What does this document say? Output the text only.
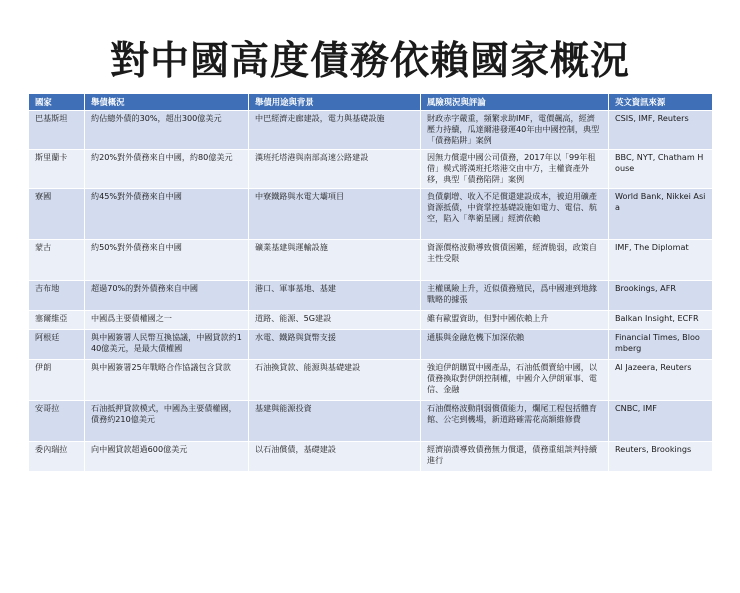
對中國高度債務依賴國家概況
國家	舉債概況	舉債用途與背景	風險現況與評論	英文資訊來源
巴基斯坦	約佔總外債的30%，超出300億美元	中巴經濟走廊建設，電力與基礎設施	財政赤字嚴重，頻繁求助IMF，電價飆高，經濟壓力持續，瓜達爾港發運40年由中國控制，典型「債務陷阱」案例	CSIS, IMF, Reuters
斯里蘭卡	約20%對外債務來自中國，約80億美元	漢班托塔港與南部高速公路建設	因無力償還中國公司債務，2017年以「99年租借」模式將漢班托塔港交由中方，主權資產外移，典型「債務陷阱」案例	BBC, NYT, Chatham House
寮國	約45%對外債務來自中國	中寮鐵路與水電大壩項目	負債劇增、收入不足償還建設成本，被迫用礦產資源抵債，中資掌控基礎設施如電力、電信、航空，陷入「準衛星國」經濟依賴	World Bank, Nikkei Asia
蒙古	約50%對外債務來自中國	礦業基建與運輸設施	資源價格波動導致償債困難，經濟脆弱，政策自主性受限	IMF, The Diplomat
吉布地	超過70%的對外債務來自中國	港口、軍事基地、基建	主權風險上升，近似債務殖民，爲中國連到地緣戰略的據張	Brookings, AFR
塞爾維亞	中國爲主要債權國之一	道路、能源、5G建設	雖有歐盟資助，但對中國依賴上升	Balkan Insight, ECFR
阿根廷	與中國簽署人民幣互換協議，中國貸款約140億美元，是最大債權國	水電、鐵路與貨幣支援	通脹與金融危機下加深依賴	Financial Times, Bloomberg
伊朗	與中國簽署25年戰略合作協議包含貸款	石油換貸款、能源與基礎建設	強迫伊朗購買中國產品，石油低價賣給中國，以債務換取對伊朗控制權，中國介入伊朗軍事、電信、金融	Al Jazeera, Reuters
安哥拉	石油抵押貸款模式，中國為主要債權國，債務約210億美元	基建與能源投資	石油價格波動削弱償債能力，爛尾工程包括體育館、公宅到機場，新道路確需花高額維修費	CNBC, IMF
委內瑞拉	向中國貸款超過600億美元	以石油償債，基礎建設	經濟崩潰導致債務無力償還，債務重組談判持續進行	Reuters, Brookings
